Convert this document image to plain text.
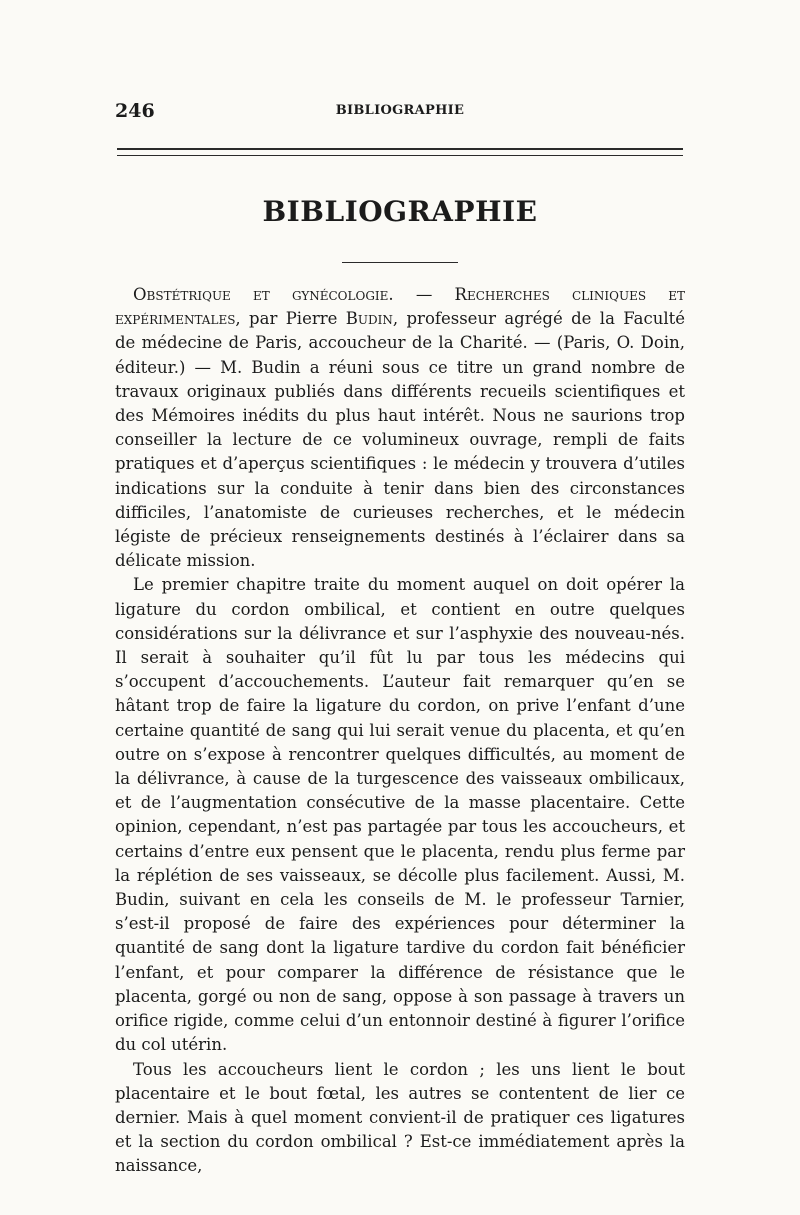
246	BIBLIOGRAPHIE
BIBLIOGRAPHIE

Obstétrique et gynécologie. — Recherches cliniques et expérimentales, par Pierre Budin, professeur agrégé de la Faculté de médecine de Paris, accoucheur de la Charité. — (Paris, O. Doin, éditeur.) — M. Budin a réuni sous ce titre un grand nombre de travaux originaux publiés dans différents recueils scientifiques et des Mémoires inédits du plus haut intérêt. Nous ne saurions trop conseiller la lecture de ce volumineux ouvrage, rempli de faits pratiques et d’aperçus scientifiques : le médecin y trouvera d’utiles indications sur la conduite à tenir dans bien des circonstances difficiles, l’anatomiste de curieuses recherches, et le médecin légiste de précieux renseignements destinés à l’éclairer dans sa délicate mission.

Le premier chapitre traite du moment auquel on doit opérer la ligature du cordon ombilical, et contient en outre quelques considérations sur la délivrance et sur l’asphyxie des nouveau-nés. Il serait à souhaiter qu’il fût lu par tous les médecins qui s’occupent d’accouchements. L’auteur fait remarquer qu’en se hâtant trop de faire la ligature du cordon, on prive l’enfant d’une certaine quantité de sang qui lui serait venue du placenta, et qu’en outre on s’expose à rencontrer quelques difficultés, au moment de la délivrance, à cause de la turgescence des vaisseaux ombilicaux, et de l’augmentation consécutive de la masse placentaire. Cette opinion, cependant, n’est pas partagée par tous les accoucheurs, et certains d’entre eux pensent que le placenta, rendu plus ferme par la réplétion de ses vaisseaux, se décolle plus facilement. Aussi, M. Budin, suivant en cela les conseils de M. le professeur Tarnier, s’est-il proposé de faire des expériences pour déterminer la quantité de sang dont la ligature tardive du cordon fait bénéficier l’enfant, et pour comparer la différence de résistance que le placenta, gorgé ou non de sang, oppose à son passage à travers un orifice rigide, comme celui d’un entonnoir destiné à figurer l’orifice du col utérin.

Tous les accoucheurs lient le cordon ; les uns lient le bout placentaire et le bout fœtal, les autres se contentent de lier ce dernier. Mais à quel moment convient-il de pratiquer ces ligatures et la section du cordon ombilical ? Est-ce immédiatement après la naissance,
